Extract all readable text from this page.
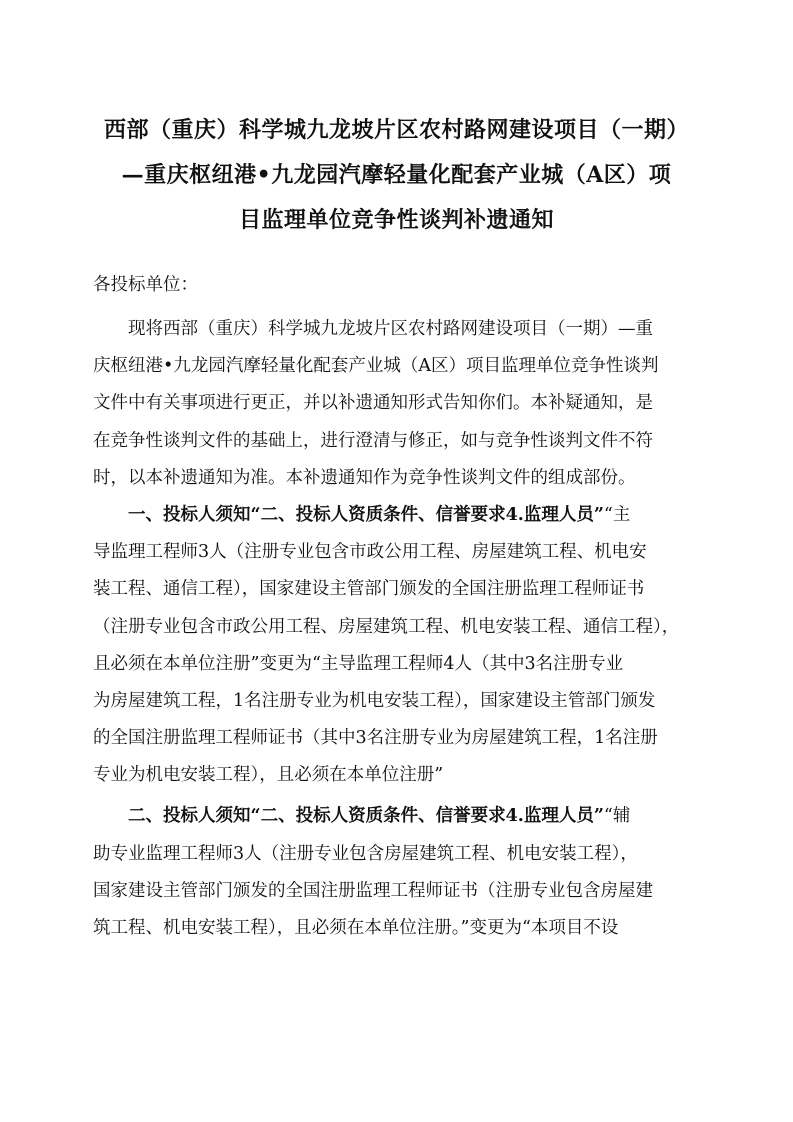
西部（重庆）科学城九龙坡片区农村路网建设项目（一期）
—重庆枢纽港•九龙园汽摩轻量化配套产业城（A区）项
目监理单位竞争性谈判补遗通知
各投标单位：
现将西部（重庆）科学城九龙坡片区农村路网建设项目（一期）—重
庆枢纽港•九龙园汽摩轻量化配套产业城（A区）项目监理单位竞争性谈判
文件中有关事项进行更正，并以补遗通知形式告知你们。本补疑通知，是
在竞争性谈判文件的基础上，进行澄清与修正，如与竞争性谈判文件不符
时，以本补遗通知为准。本补遗通知作为竞争性谈判文件的组成部份。
一、投标人须知“二、投标人资质条件、信誉要求4.监理人员”“主
导监理工程师3人（注册专业包含市政公用工程、房屋建筑工程、机电安
装工程、通信工程），国家建设主管部门颁发的全国注册监理工程师证书
（注册专业包含市政公用工程、房屋建筑工程、机电安装工程、通信工程），
且必须在本单位注册”变更为“主导监理工程师4人（其中3名注册专业
为房屋建筑工程，1名注册专业为机电安装工程），国家建设主管部门颁发
的全国注册监理工程师证书（其中3名注册专业为房屋建筑工程，1名注册
专业为机电安装工程），且必须在本单位注册”
二、投标人须知“二、投标人资质条件、信誉要求4.监理人员”“辅
助专业监理工程师3人（注册专业包含房屋建筑工程、机电安装工程），
国家建设主管部门颁发的全国注册监理工程师证书（注册专业包含房屋建
筑工程、机电安装工程），且必须在本单位注册。”变更为“本项目不设
